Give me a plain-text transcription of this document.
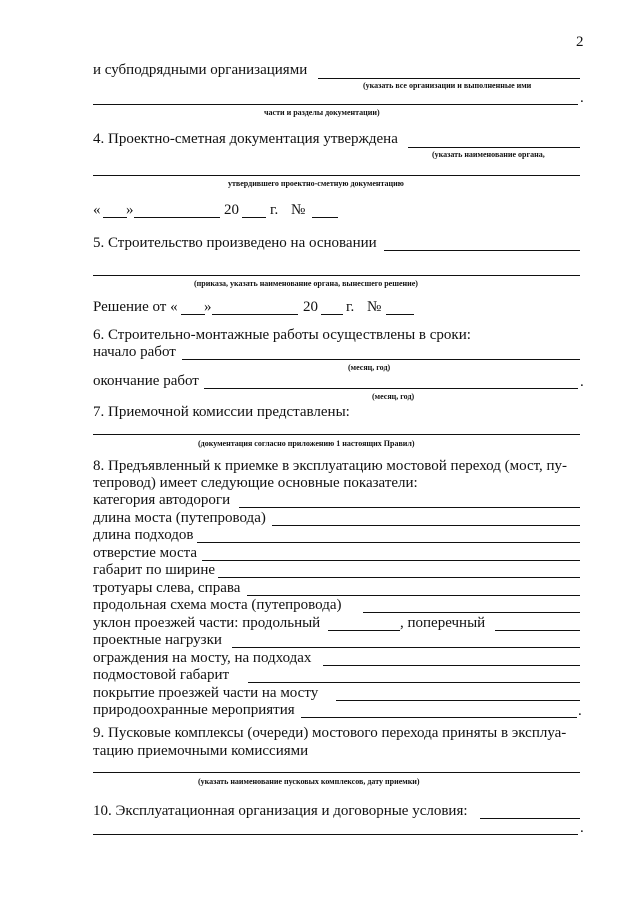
2
и субподрядными организациями
(указать все организации и выполненные ими
.
части и разделы документации)
4. Проектно-сметная документация утверждена
(указать наименование органа,
утвердившего проектно-сметную документацию
« »	20 г. №
5. Строительство произведено на основании
(приказа, указать наименование органа, вынесшего решение)
Решение от « »	20 г. №
6. Строительно-монтажные работы осуществлены в сроки:
начало работ
(месяц, год)
окончание работ	.
(месяц, год)
7. Приемочной комиссии представлены:
(документация согласно приложению 1 настоящих Правил)
8. Предъявленный к приемке в эксплуатацию мостовой переход (мост, пу-
тепровод) имеет следующие основные показатели:
категория автодороги
длина моста (путепровода)
длина подходов
отверстие моста
габарит по ширине
тротуары слева, справа
продольная схема моста (путепровода)
уклон проезжей части: продольный	, поперечный
проектные нагрузки
ограждения на мосту, на подходах
подмостовой габарит
покрытие проезжей части на мосту
природоохранные мероприятия	.
9. Пусковые комплексы (очереди) мостового перехода приняты в эксплуа-
тацию приемочными комиссиями
(указать наименование пусковых комплексов, дату приемки)
10. Эксплуатационная организация и договорные условия:
.
